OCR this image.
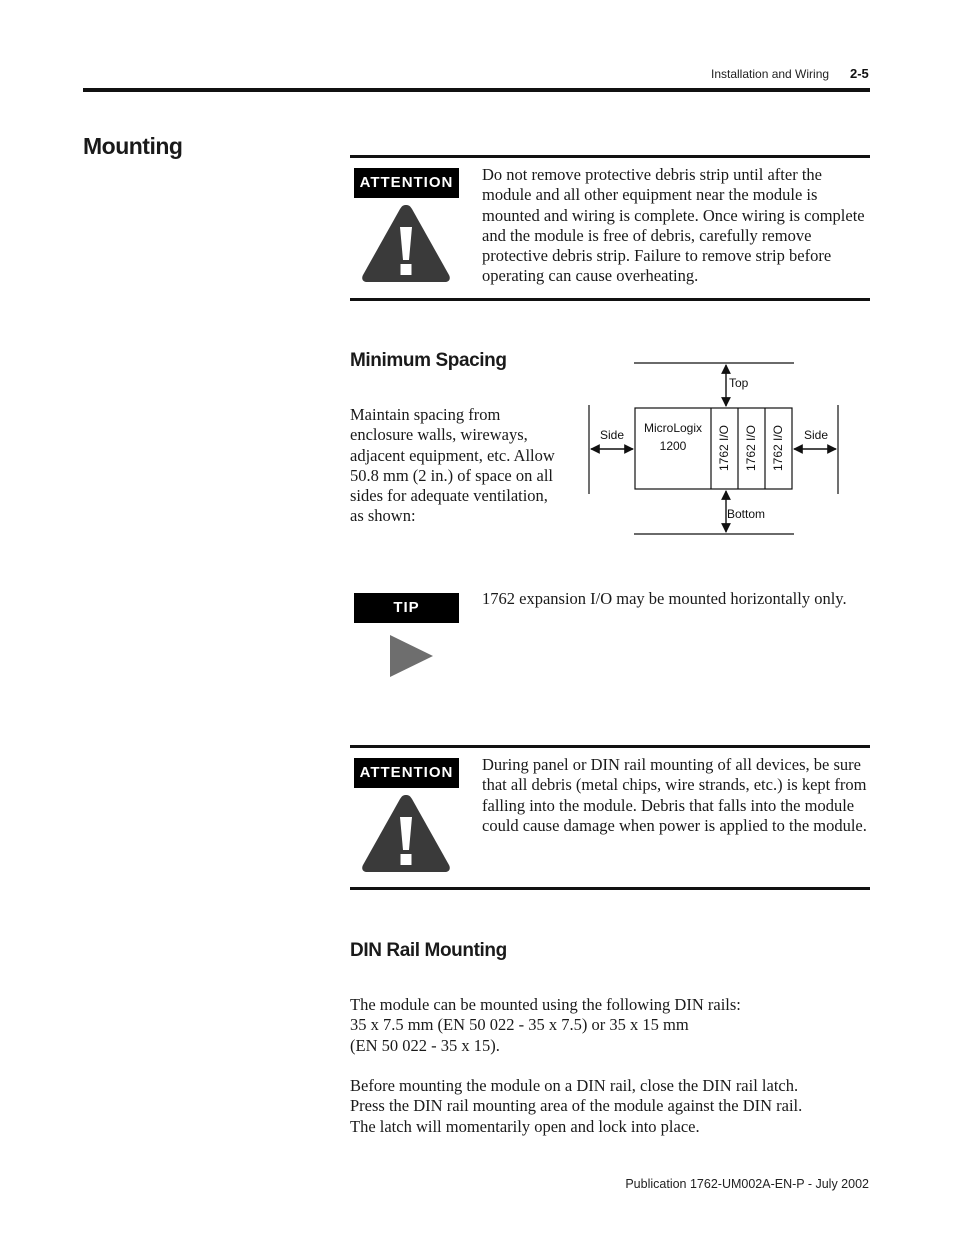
Installation and Wiring 2-5
Mounting
ATTENTION	Do not remove protective debris strip until after the module and all other equipment near the module is mounted and wiring is complete. Once wiring is complete and the module is free of debris, carefully remove protective debris strip. Failure to remove strip before operating can cause overheating.
Minimum Spacing
Maintain spacing from enclosure walls, wireways, adjacent equipment, etc. Allow 50.8 mm (2 in.) of space on all sides for adequate ventilation, as shown:
Top
Bottom
Side	Side
MicroLogix
1200	1762 I/O 1762 I/O 1762 I/O
TIP	1762 expansion I/O may be mounted horizontally only.
ATTENTION	During panel or DIN rail mounting of all devices, be sure that all debris (metal chips, wire strands, etc.) is kept from falling into the module. Debris that falls into the module could cause damage when power is applied to the module.
DIN Rail Mounting
The module can be mounted using the following DIN rails:
35 x 7.5 mm (EN 50 022 - 35 x 7.5) or 35 x 15 mm
(EN 50 022 - 35 x 15).
Before mounting the module on a DIN rail, close the DIN rail latch.
Press the DIN rail mounting area of the module against the DIN rail.
The latch will momentarily open and lock into place.
Publication 1762-UM002A-EN-P - July 2002
